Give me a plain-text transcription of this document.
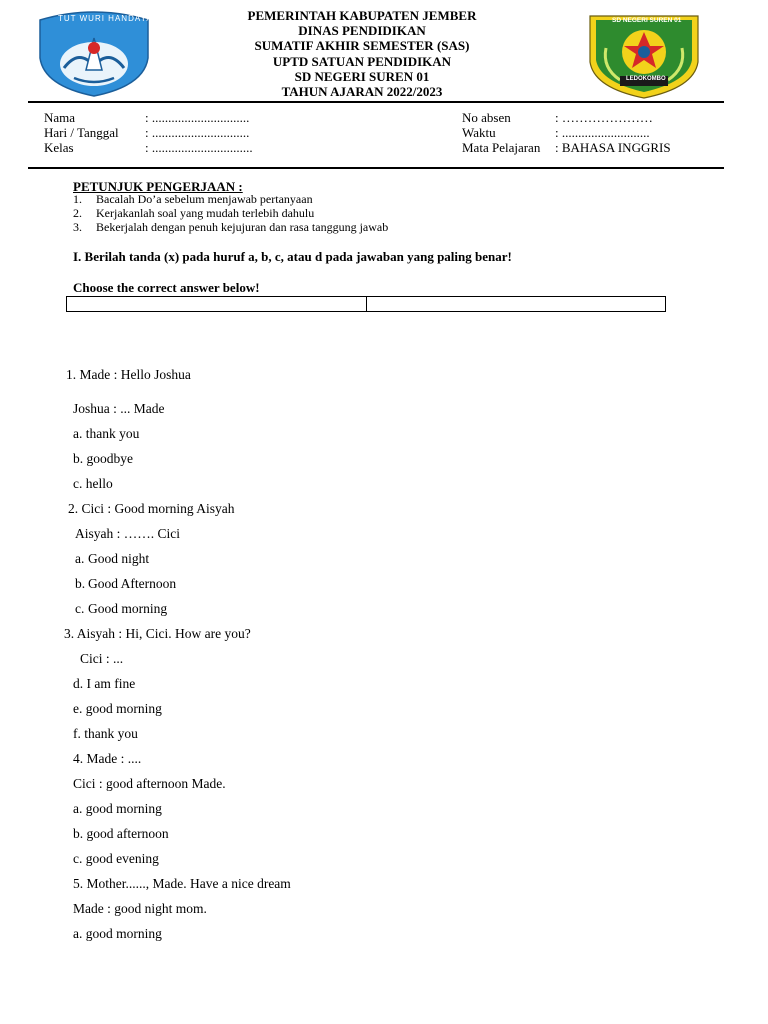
TUT WURI HANDAYANI	SD NEGERI SUREN 01
LEDOKOMBO
PEMERINTAH KABUPATEN JEMBER
DINAS PENDIDIKAN
SUMATIF AKHIR SEMESTER (SAS)
UPTD SATUAN PENDIDIKAN
SD NEGERI SUREN 01
TAHUN AJARAN 2022/2023
Nama	: ..............................
Hari / Tanggal : ..............................
Kelas	: ...............................
No absen	: …………………
Waktu	: ...........................
Mata Pelajaran : BAHASA INGGRIS
PETUNJUK PENGERJAAN :
1. Bacalah Do’a sebelum menjawab pertanyaan
2. Kerjakanlah soal yang mudah terlebih dahulu
3. Bekerjalah dengan penuh kejujuran dan rasa tanggung jawab
I. Berilah tanda (x) pada huruf a, b, c, atau d pada jawaban yang paling benar!
Choose the correct answer below!

1. Made : Hello Joshua
Joshua : ... Made
a. thank you
b. goodbye
c. hello
2. Cici : Good morning Aisyah
Aisyah : ……. Cici
a. Good night
b. Good Afternoon
c. Good morning
3. Aisyah : Hi, Cici. How are you?
Cici : ...
d. I am fine
e. good morning
f. thank you
4. Made : ....
Cici : good afternoon Made.
a. good morning
b. good afternoon
c. good evening
5. Mother......, Made. Have a nice dream
Made : good night mom.
a. good morning
